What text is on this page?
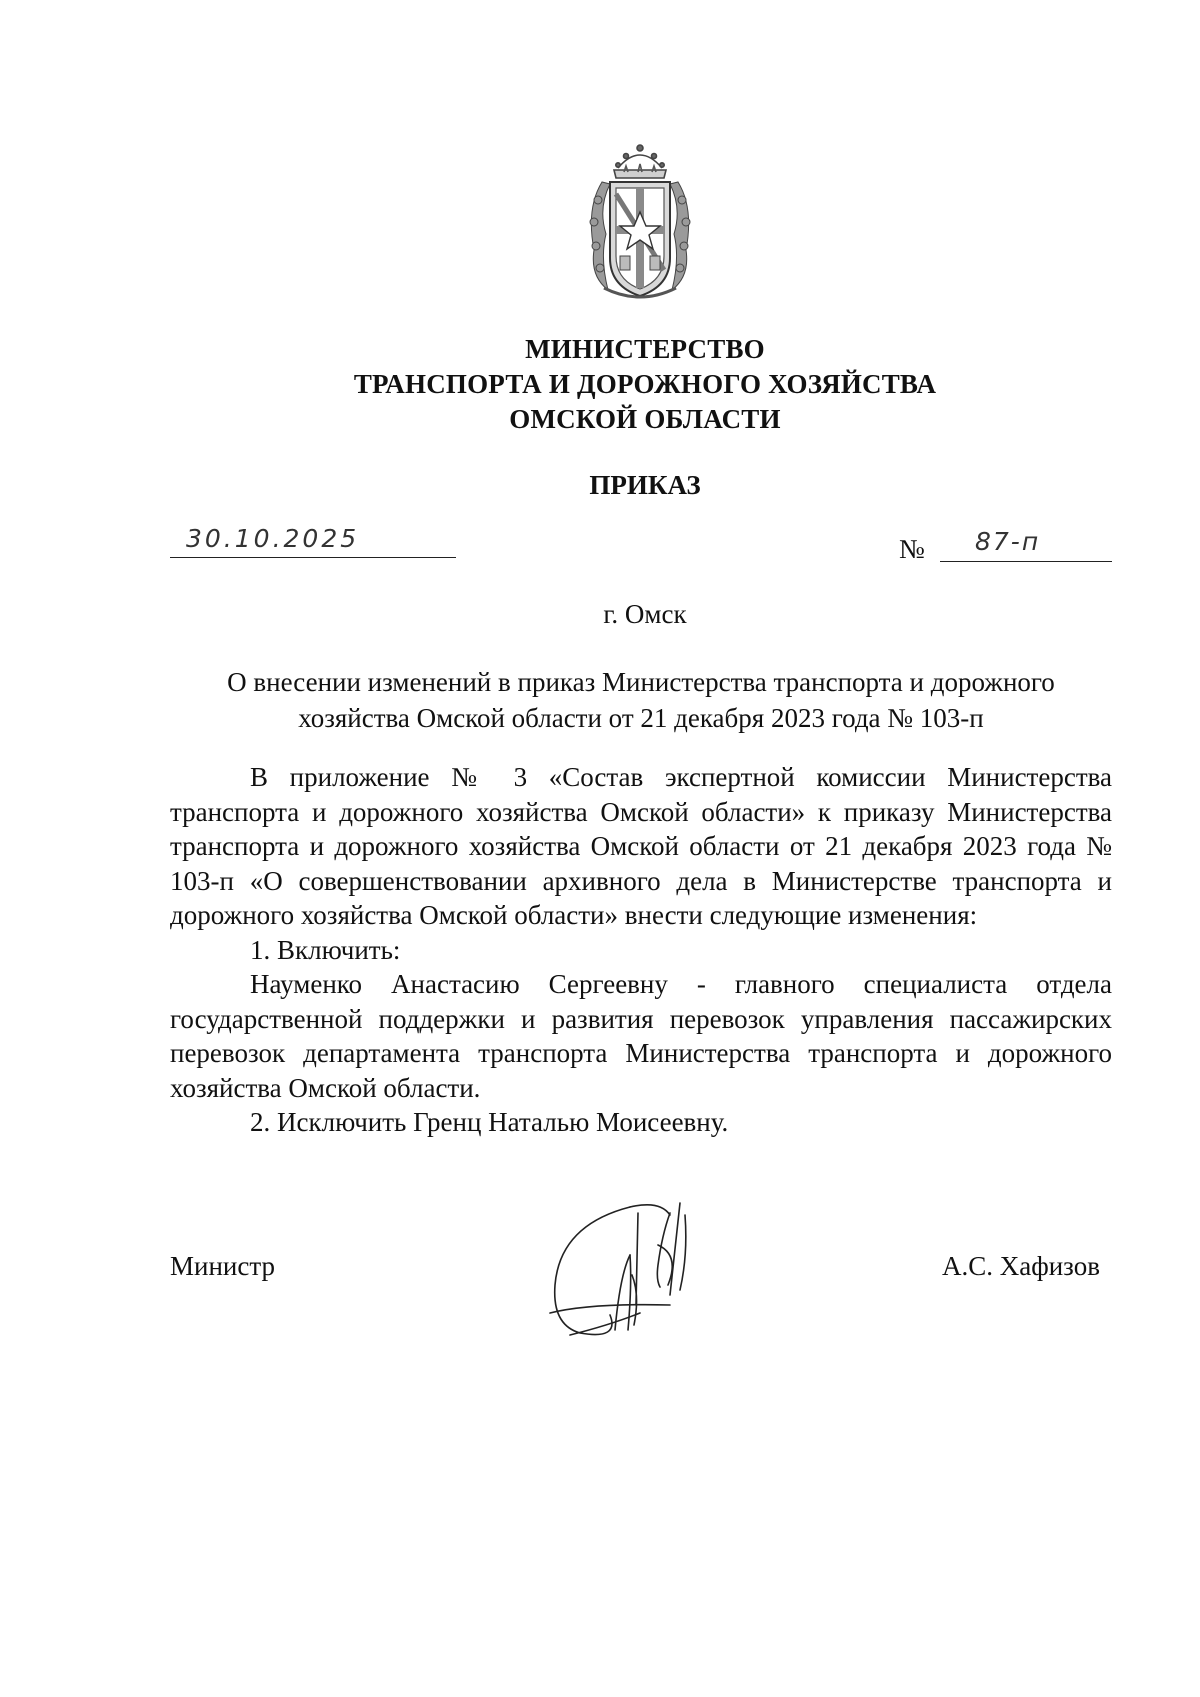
МИНИСТЕРСТВО
ТРАНСПОРТА И ДОРОЖНОГО ХОЗЯЙСТВА
ОМСКОЙ ОБЛАСТИ
ПРИКАЗ
30.10.2025	№ 87-п
г. Омск
О внесении изменений в приказ Министерства транспорта и дорожного
хозяйства Омской области от 21 декабря 2023 года № 103-п

В приложение № 3 «Состав экспертной комиссии Министерства транспорта и дорожного хозяйства Омской области» к приказу Министерства транспорта и дорожного хозяйства Омской области от 21 декабря 2023 года № 103-п «О совершенствовании архивного дела в Министерстве транспорта и дорожного хозяйства Омской области» внести следующие изменения:

1. Включить:

Науменко Анастасию Сергеевну - главного специалиста отдела государственной поддержки и развития перевозок управления пассажирских перевозок департамента транспорта Министерства транспорта и дорожного хозяйства Омской области.

2. Исключить Гренц Наталью Моисеевну.

Министр	А.С. Хафизов
